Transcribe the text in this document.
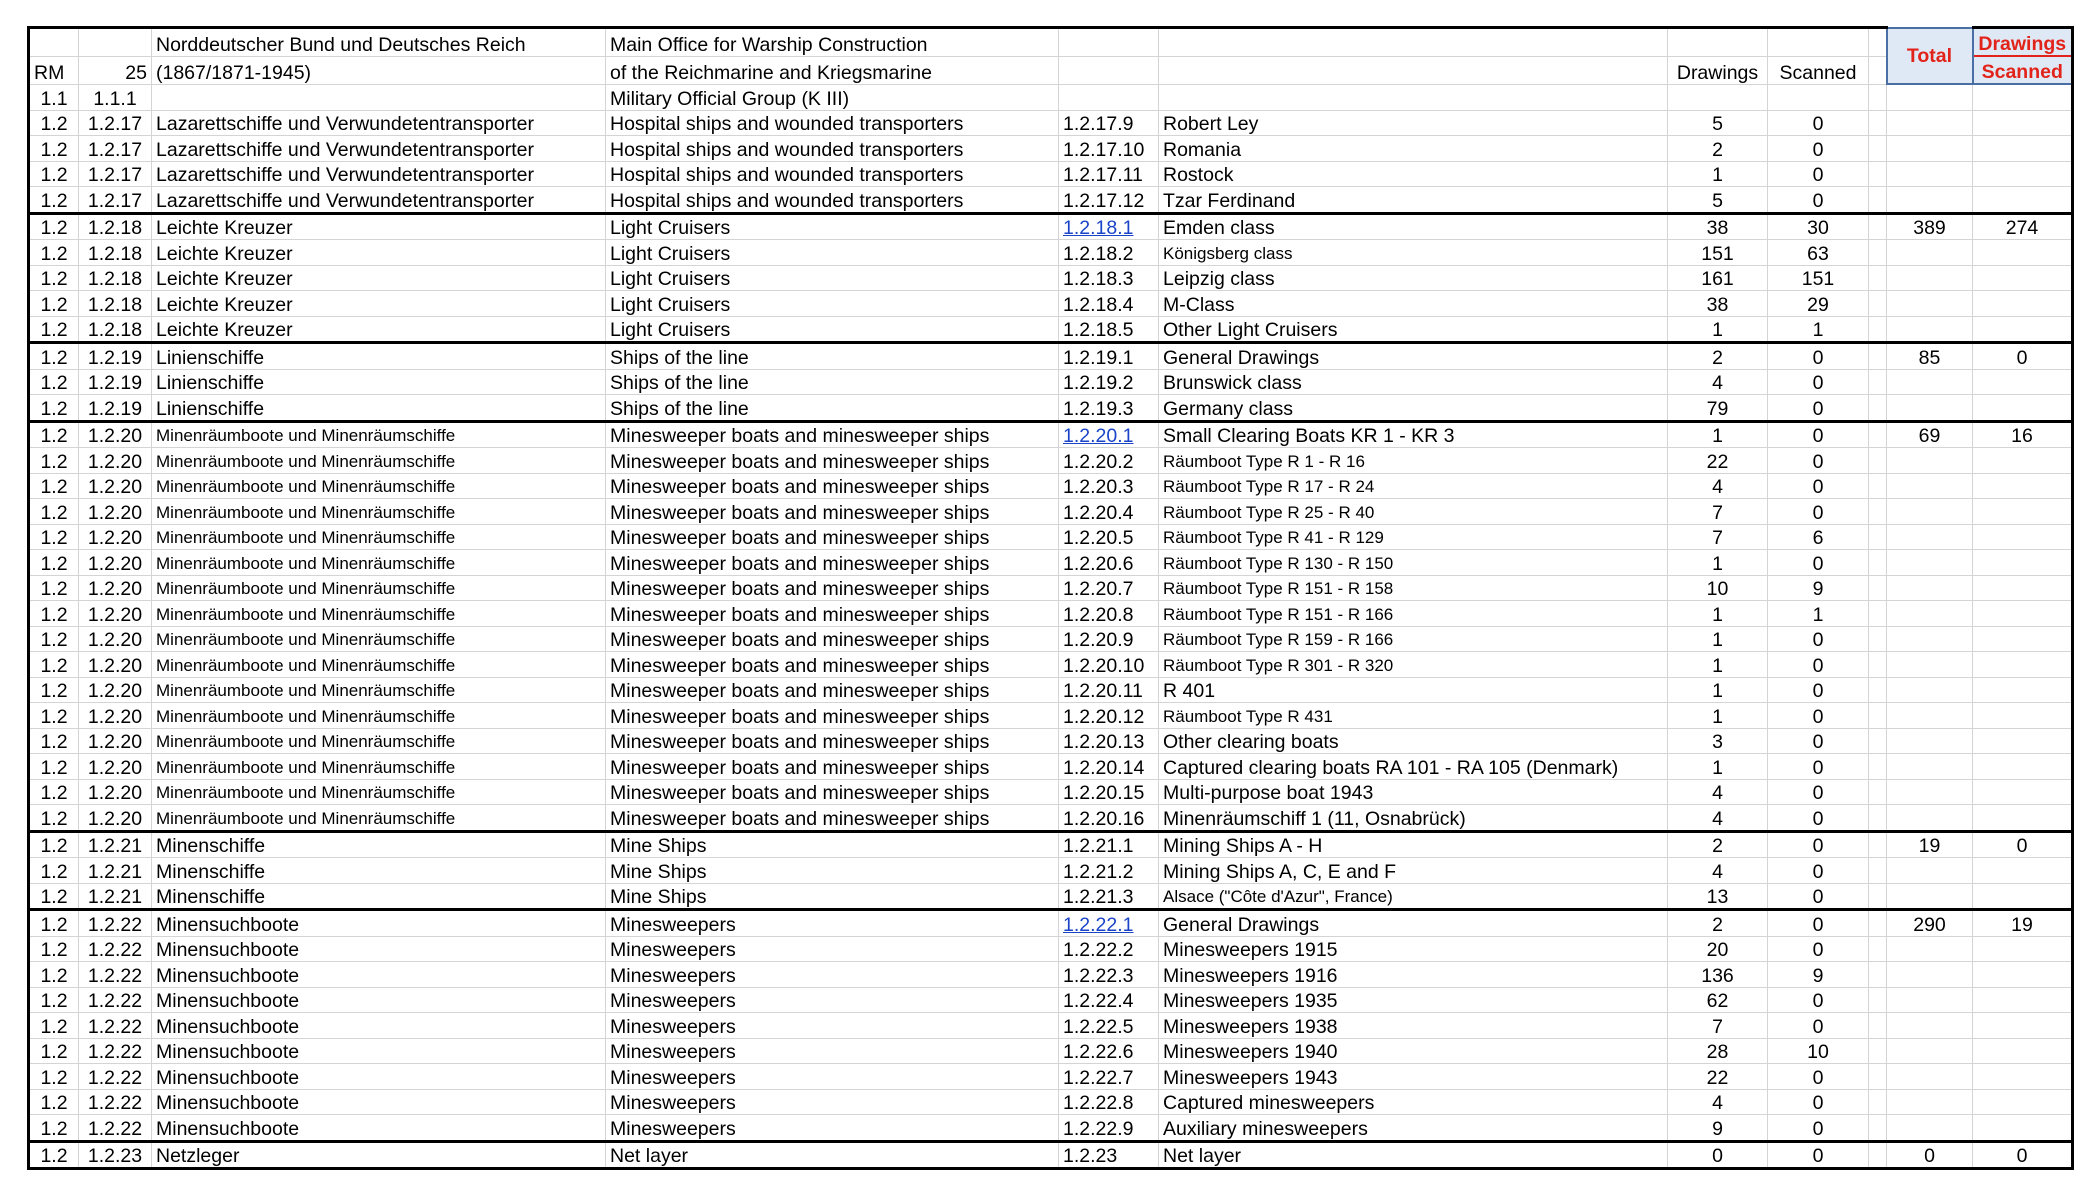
		Norddeutscher Bund und Deutsches Reich	Main Office for Warship Construction						Total	Drawings
RM	25	(1867/1871-1945)	of the Reichmarine and Kriegsmarine			Drawings	Scanned			Scanned
1.1	1.1.1		Military Official Group (K III)							
1.2	1.2.17	Lazarettschiffe und Verwundetentransporter	Hospital ships and wounded transporters	1.2.17.9	Robert Ley	5	0			
1.2	1.2.17	Lazarettschiffe und Verwundetentransporter	Hospital ships and wounded transporters	1.2.17.10	Romania	2	0			
1.2	1.2.17	Lazarettschiffe und Verwundetentransporter	Hospital ships and wounded transporters	1.2.17.11	Rostock	1	0			
1.2	1.2.17	Lazarettschiffe und Verwundetentransporter	Hospital ships and wounded transporters	1.2.17.12	Tzar Ferdinand	5	0			
1.2	1.2.18	Leichte Kreuzer	Light Cruisers	1.2.18.1	Emden class	38	30		389	274
1.2	1.2.18	Leichte Kreuzer	Light Cruisers	1.2.18.2	Königsberg class	151	63			
1.2	1.2.18	Leichte Kreuzer	Light Cruisers	1.2.18.3	Leipzig class	161	151			
1.2	1.2.18	Leichte Kreuzer	Light Cruisers	1.2.18.4	M-Class	38	29			
1.2	1.2.18	Leichte Kreuzer	Light Cruisers	1.2.18.5	Other Light Cruisers	1	1			
1.2	1.2.19	Linienschiffe	Ships of the line	1.2.19.1	General Drawings	2	0		85	0
1.2	1.2.19	Linienschiffe	Ships of the line	1.2.19.2	Brunswick class	4	0			
1.2	1.2.19	Linienschiffe	Ships of the line	1.2.19.3	Germany class	79	0			
1.2	1.2.20	Minenräumboote und Minenräumschiffe	Minesweeper boats and minesweeper ships	1.2.20.1	Small Clearing Boats KR 1 - KR 3	1	0		69	16
1.2	1.2.20	Minenräumboote und Minenräumschiffe	Minesweeper boats and minesweeper ships	1.2.20.2	Räumboot Type R 1 - R 16	22	0			
1.2	1.2.20	Minenräumboote und Minenräumschiffe	Minesweeper boats and minesweeper ships	1.2.20.3	Räumboot Type R 17 - R 24	4	0			
1.2	1.2.20	Minenräumboote und Minenräumschiffe	Minesweeper boats and minesweeper ships	1.2.20.4	Räumboot Type R 25 - R 40	7	0			
1.2	1.2.20	Minenräumboote und Minenräumschiffe	Minesweeper boats and minesweeper ships	1.2.20.5	Räumboot Type R 41 - R 129	7	6			
1.2	1.2.20	Minenräumboote und Minenräumschiffe	Minesweeper boats and minesweeper ships	1.2.20.6	Räumboot Type R 130 - R 150	1	0			
1.2	1.2.20	Minenräumboote und Minenräumschiffe	Minesweeper boats and minesweeper ships	1.2.20.7	Räumboot Type R 151 - R 158	10	9			
1.2	1.2.20	Minenräumboote und Minenräumschiffe	Minesweeper boats and minesweeper ships	1.2.20.8	Räumboot Type R 151 - R 166	1	1			
1.2	1.2.20	Minenräumboote und Minenräumschiffe	Minesweeper boats and minesweeper ships	1.2.20.9	Räumboot Type R 159 - R 166	1	0			
1.2	1.2.20	Minenräumboote und Minenräumschiffe	Minesweeper boats and minesweeper ships	1.2.20.10	Räumboot Type R 301 - R 320	1	0			
1.2	1.2.20	Minenräumboote und Minenräumschiffe	Minesweeper boats and minesweeper ships	1.2.20.11	R 401	1	0			
1.2	1.2.20	Minenräumboote und Minenräumschiffe	Minesweeper boats and minesweeper ships	1.2.20.12	Räumboot Type R 431	1	0			
1.2	1.2.20	Minenräumboote und Minenräumschiffe	Minesweeper boats and minesweeper ships	1.2.20.13	Other clearing boats	3	0			
1.2	1.2.20	Minenräumboote und Minenräumschiffe	Minesweeper boats and minesweeper ships	1.2.20.14	Captured clearing boats RA 101 - RA 105 (Denmark)	1	0			
1.2	1.2.20	Minenräumboote und Minenräumschiffe	Minesweeper boats and minesweeper ships	1.2.20.15	Multi-purpose boat 1943	4	0			
1.2	1.2.20	Minenräumboote und Minenräumschiffe	Minesweeper boats and minesweeper ships	1.2.20.16	Minenräumschiff 1 (11, Osnabrück)	4	0			
1.2	1.2.21	Minenschiffe	Mine Ships	1.2.21.1	Mining Ships A - H	2	0		19	0
1.2	1.2.21	Minenschiffe	Mine Ships	1.2.21.2	Mining Ships A, C, E and F	4	0			
1.2	1.2.21	Minenschiffe	Mine Ships	1.2.21.3	Alsace ("Côte d'Azur", France)	13	0			
1.2	1.2.22	Minensuchboote	Minesweepers	1.2.22.1	General Drawings	2	0		290	19
1.2	1.2.22	Minensuchboote	Minesweepers	1.2.22.2	Minesweepers 1915	20	0			
1.2	1.2.22	Minensuchboote	Minesweepers	1.2.22.3	Minesweepers 1916	136	9			
1.2	1.2.22	Minensuchboote	Minesweepers	1.2.22.4	Minesweepers 1935	62	0			
1.2	1.2.22	Minensuchboote	Minesweepers	1.2.22.5	Minesweepers 1938	7	0			
1.2	1.2.22	Minensuchboote	Minesweepers	1.2.22.6	Minesweepers 1940	28	10			
1.2	1.2.22	Minensuchboote	Minesweepers	1.2.22.7	Minesweepers 1943	22	0			
1.2	1.2.22	Minensuchboote	Minesweepers	1.2.22.8	Captured minesweepers	4	0			
1.2	1.2.22	Minensuchboote	Minesweepers	1.2.22.9	Auxiliary minesweepers	9	0			
1.2	1.2.23	Netzleger	Net layer	1.2.23	Net layer	0	0		0	0
